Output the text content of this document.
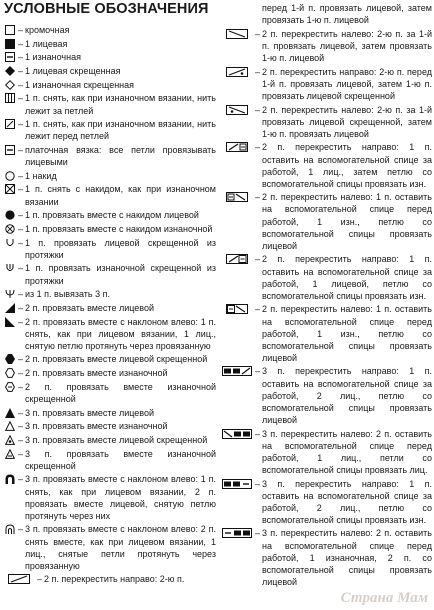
УСЛОВНЫЕ ОБОЗНАЧЕНИЯ
– кромочная
– 1 лицевая
– 1 изнаночная
– 1 лицевая скрещенная
– 1 изнаночная скрещенная
– 1 п. снять, как при изнаночном вязании, нить лежит за петлей
– 1 п. снять, как при изнаночном вязании, нить лежит перед петлей
– платочная вязка: все петли провязывать лицевыми
– 1 накид
– 1 п. снять с накидом, как при изнаночном вязании
– 1 п. провязать вместе с накидом лицевой
– 1 п. провязать вместе с накидом изнаночной
– 1 п. провязать лицевой скрещенной из протяжки
– 1 п. провязать изнаночной скрещенной из протяжки
– из 1 п. вывязать 3 п.
– 2 п. провязать вместе лицевой
– 2 п. провязать вместе с наклоном влево: 1 п. снять, как при лицевом вязании, 1 лиц., снятую петлю протянуть через провязанную
– 2 п. провязать вместе лицевой скрещенной
– 2 п. провязать вместе изнаночной
– 2 п. провязать вместе изнаночной скрещенной
– 3 п. провязать вместе лицевой
– 3 п. провязать вместе изнаночной
– 3 п. провязать вместе лицевой скрещенной
– 3 п. провязать вместе изнаночной скрещенной
– 3 п. провязать вместе с наклоном влево: 1 п. снять, как при лицевом вязании, 2 п. провязать вместе лицевой, снятую петлю протянуть через них
– 3 п. провязать вместе с наклоном влево: 2 п. снять вместе, как при лицевом вязании, 1 лиц., снятые петли протянуть через провязанную
– 2 п. перекрестить направо: 2-ю п.
перед 1-й п. провязать лицевой, затем провязать 1-ю п. лицевой
– 2 п. перекрестить налево: 2-ю п. за 1-й п. провязать лицевой, затем провязать 1-ю п. лицевой
– 2 п. перекрестить направо: 2-ю п. перед 1-й п. провязать лицевой, затем 1-ю п. провязать лицевой скрещенной
– 2 п. перекрестить налево: 2-ю п. за 1-й провязать лицевой скрещенной, затем 1-ю п. провязать лицевой
– 2 п. перекрестить направо: 1 п. оставить на вспомогательной спице за работой, 1 лиц., затем петлю со вспомогательной спицы провязать изн.
– 2 п. перекрестить налево: 1 п. оставить на вспомогательной спице перед работой, 1 изн., петлю со вспомогательной спицы провязать лицевой
– 2 п. перекрестить направо: 1 п. оставить на вспомогательной спице за работой, 1 лицевой, петлю со вспомогательной спицы провязать изн.
– 2 п. перекрестить налево: 1 п. оставить на вспомогательной спице перед работой, 1 изн., петлю со вспомогательной спицы провязать лицевой
– 3 п. перекрестить направо: 1 п. оставить на вспомогательной спице за работой, 2 лиц., петлю со вспомогательной спицы провязать лицевой
– 3 п. перекрестить налево: 2 п. оставить на вспомогательной спице перед работой, 1 лиц., петли со вспомогательной спицы провязать лиц.
– 3 п. перекрестить направо: 1 п. оставить на вспомогательной спице за работой, 2 лиц., петлю со вспомогательной спицы провязать изн.
– 3 п. перекрестить налево: 2 п. оставить на вспомогательной спице перед работой, 1 изнаночная, 2 п. со вспомогательной спицы провязать лицевой
Страна Мам
